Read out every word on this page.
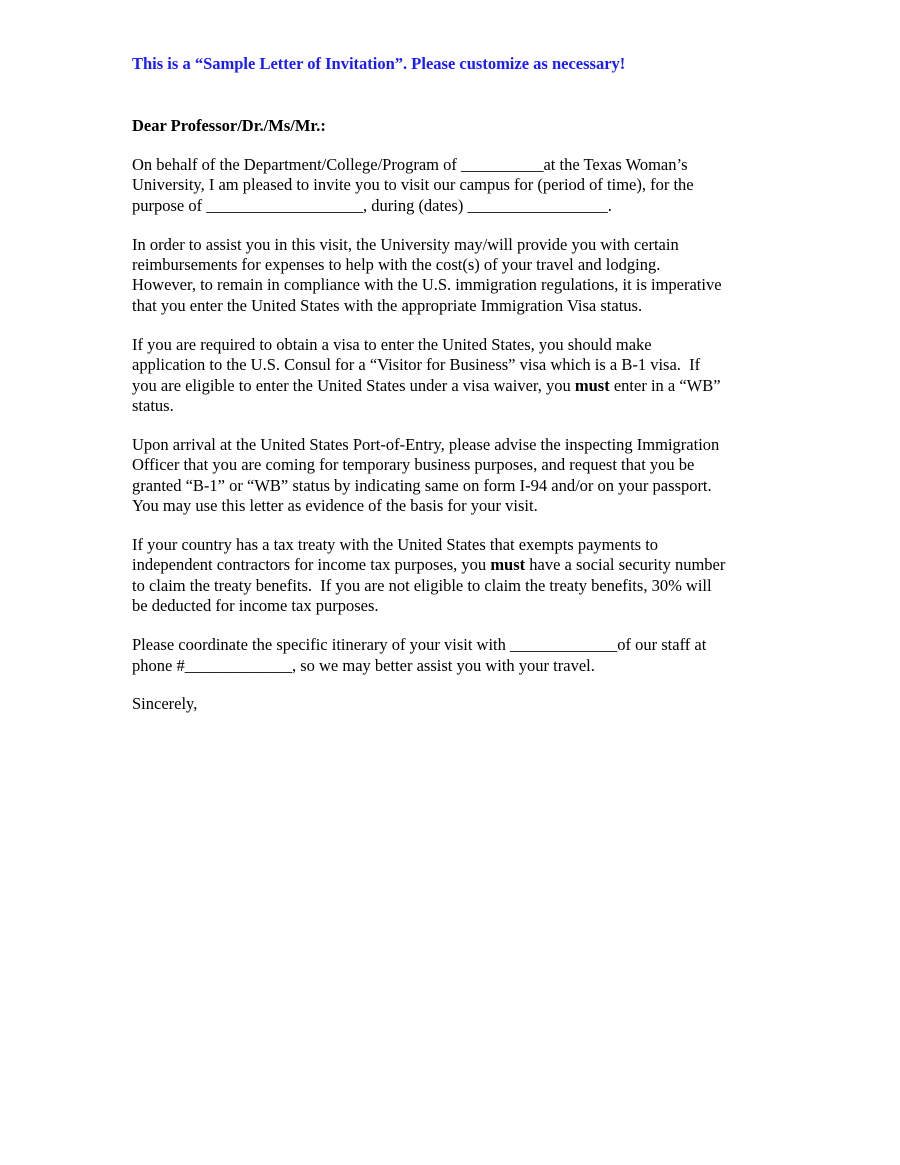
This is a “Sample Letter of Invitation”. Please customize as necessary!

Dear Professor/Dr./Ms/Mr.:

On behalf of the Department/College/Program of __________at the Texas Woman’s
University, I am pleased to invite you to visit our campus for (period of time), for the
purpose of ___________________, during (dates) _________________.

In order to assist you in this visit, the University may/will provide you with certain
reimbursements for expenses to help with the cost(s) of your travel and lodging.
However, to remain in compliance with the U.S. immigration regulations, it is imperative
that you enter the United States with the appropriate Immigration Visa status.

If you are required to obtain a visa to enter the United States, you should make
application to the U.S. Consul for a “Visitor for Business” visa which is a B-1 visa.  If
you are eligible to enter the United States under a visa waiver, you must enter in a “WB”
status.

Upon arrival at the United States Port-of-Entry, please advise the inspecting Immigration
Officer that you are coming for temporary business purposes, and request that you be
granted “B-1” or “WB” status by indicating same on form I-94 and/or on your passport.
You may use this letter as evidence of the basis for your visit.

If your country has a tax treaty with the United States that exempts payments to
independent contractors for income tax purposes, you must have a social security number
to claim the treaty benefits.  If you are not eligible to claim the treaty benefits, 30% will
be deducted for income tax purposes.

Please coordinate the specific itinerary of your visit with _____________of our staff at
phone #_____________, so we may better assist you with your travel.

Sincerely,
